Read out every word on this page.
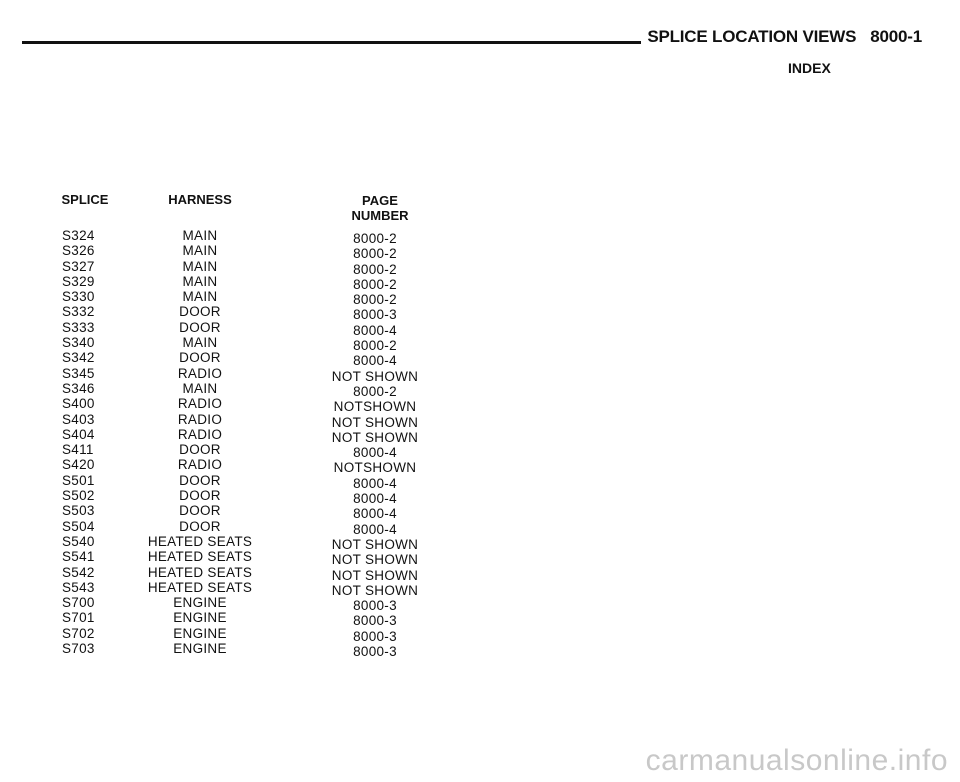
SPLICE LOCATION VIEWS 8000-1
INDEX
SPLICE	HARNESS	PAGE
NUMBER
S324	MAIN	8000-2
S326	MAIN	8000-2
S327	MAIN	8000-2
S329	MAIN	8000-2
S330	MAIN	8000-2
S332	DOOR	8000-3
S333	DOOR	8000-4
S340	MAIN	8000-2
S342	DOOR	8000-4
S345	RADIO	NOT SHOWN
S346	MAIN	8000-2
S400	RADIO	NOTSHOWN
S403	RADIO	NOT SHOWN
S404	RADIO	NOT SHOWN
S411	DOOR	8000-4
S420	RADIO	NOTSHOWN
S501	DOOR	8000-4
S502	DOOR	8000-4
S503	DOOR	8000-4
S504	DOOR	8000-4
S540	HEATED SEATS	NOT SHOWN
S541	HEATED SEATS	NOT SHOWN
S542	HEATED SEATS	NOT SHOWN
S543	HEATED SEATS	NOT SHOWN
S700	ENGINE	8000-3
S701	ENGINE	8000-3
S702	ENGINE	8000-3
S703	ENGINE	8000-3
carmanualsonline.info
